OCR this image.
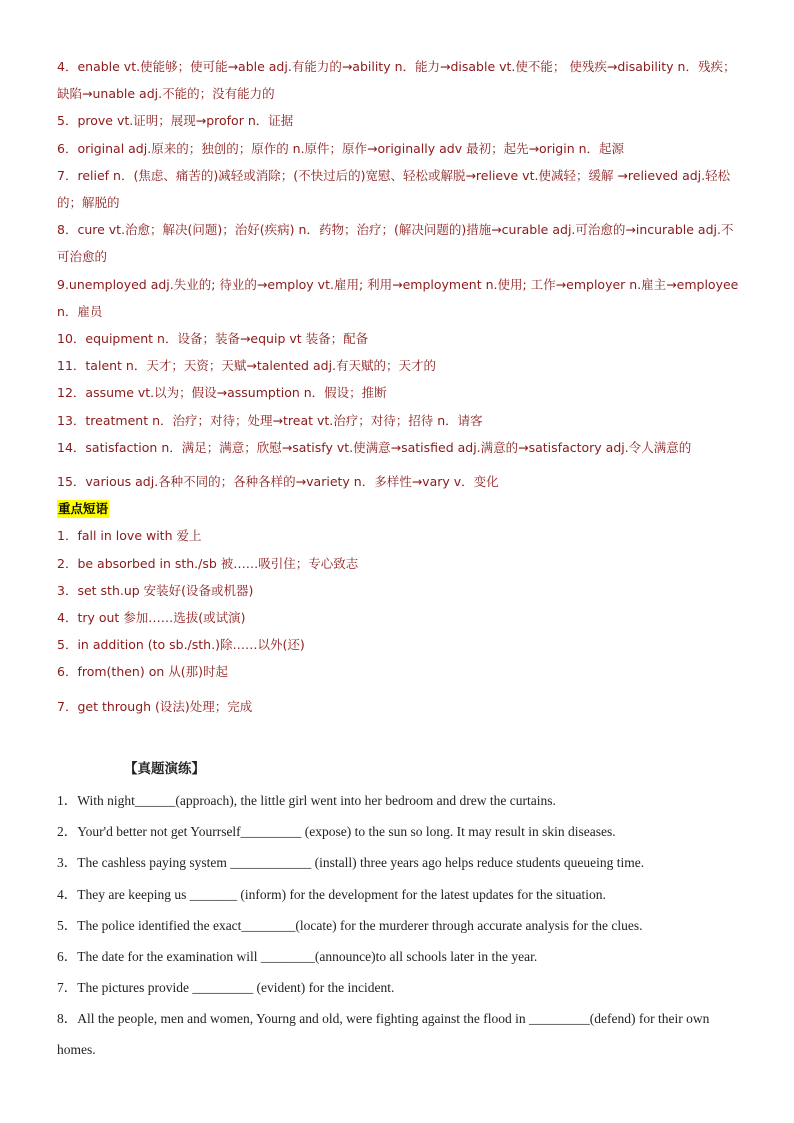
4．enable vt.使能够；使可能→able adj.有能力的→ability n．能力→disable vt.使不能； 使残疾→disability n．残疾；缺陷→unable adj.不能的；没有能力的

5．prove vt.证明；展现→profor n．证据

6．original adj.原来的；独创的；原作的 n.原件；原作→originally adv 最初；起先→origin n．起源

7．relief n．(焦虑、痛苦的)减轻或消除；(不快过后的)宽慰、轻松或解脱→relieve vt.使减轻；缓解 →relieved adj.轻松的；解脱的

8．cure vt.治愈；解决(问题)；治好(疾病) n．药物；治疗；(解决问题的)措施→curable adj.可治愈的→incurable adj.不可治愈的

9.unemployed adj.失业的; 待业的→employ vt.雇用; 利用→employment n.使用; 工作→employer n.雇主→employee n．雇员

10．equipment n．设备；装备→equip vt 装备；配备

11．talent n．天才；天资；天赋→talented adj.有天赋的；天才的

12．assume vt.以为；假设→assumption n．假设；推断

13．treatment n．治疗；对待；处理→treat vt.治疗；对待；招待 n．请客

14．satisfaction n．满足；满意；欣慰→satisfy vt.使满意→satisfied adj.满意的→satisfactory adj.令人满意的

15．various adj.各种不同的；各种各样的→variety n．多样性→vary v．变化

重点短语

1．fall in love with 爱上

2．be absorbed in sth./sb 被……吸引住；专心致志

3．set sth.up 安装好(设备或机器)

4．try out 参加……选拔(或试演)

5．in addition (to sb./sth.)除……以外(还)

6．from(then) on 从(那)时起

7．get through (设法)处理；完成

【真题演练】

1．With night______(approach), the little girl went into her bedroom and drew the curtains.

2．Your'd better not get Yourrself_________ (expose) to the sun so long. It may result in skin diseases.

3．The cashless paying system ____________ (install) three years ago helps reduce students queueing time.

4．They are keeping us _______ (inform) for the development for the latest updates for the situation.

5．The police identified the exact________(locate) for the murderer through accurate analysis for the clues.

6．The date for the examination will ________(announce)to all schools later in the year.

7．The pictures provide _________ (evident) for the incident.

8．All the people, men and women, Yourng and old, were fighting against the flood in _________(defend) for their own homes.
